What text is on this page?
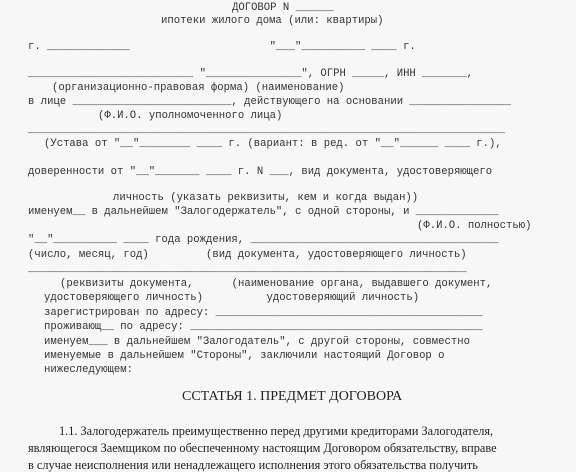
ДОГОВОР N ______
ипотеки жилого дома (или: квартиры)
г. _____________                      "___"__________ ____ г.
__________________________ "_______________", ОГРН _____, ИНН _______,
(организационно-правовая форма) (наименование)
в лице _________________________, действующего на основании ________________
(Ф.И.О. уполномоченного лица)
___________________________________________________________________________
(Устава от "__"________ ____ г. (вариант: в ред. от "__"______ ____ г.),
доверенности от "__"_______ ____ г. N ___, вид документа, удостоверяющего
личность (указать реквизиты, кем и когда выдан))
именуем__ в дальнейшем "Залогодержатель", с одной стороны, и _____________
(Ф.И.О. полностью)
"__"__________ ____ года рождения, _______________________________________
(число, месяц, год)         (вид документа, удостоверяющего личность)
_____________________________________________________________________
(реквизиты документа,      (наименование органа, выдавшего документ,
удостоверяющего личность)          удостоверяющий личность)
зарегистрирован по адресу: __________________________________________
проживающ__ по адресу: ______________________________________________
именуем___ в дальнейшем "Залогодатель", с другой стороны, совместно
именуемые в дальнейшем "Стороны", заключили настоящий Договор о
нижеследующем:
ССТАТЬЯ 1. ПРЕДМЕТ ДОГОВОРА
1.1. Залогодержатель преимущественно перед другими кредиторами Залогодателя,
являющегося Заемщиком по обеспеченному настоящим Договором обязательству, вправе
в случае неисполнения или ненадлежащего исполнения этого обязательства получить
